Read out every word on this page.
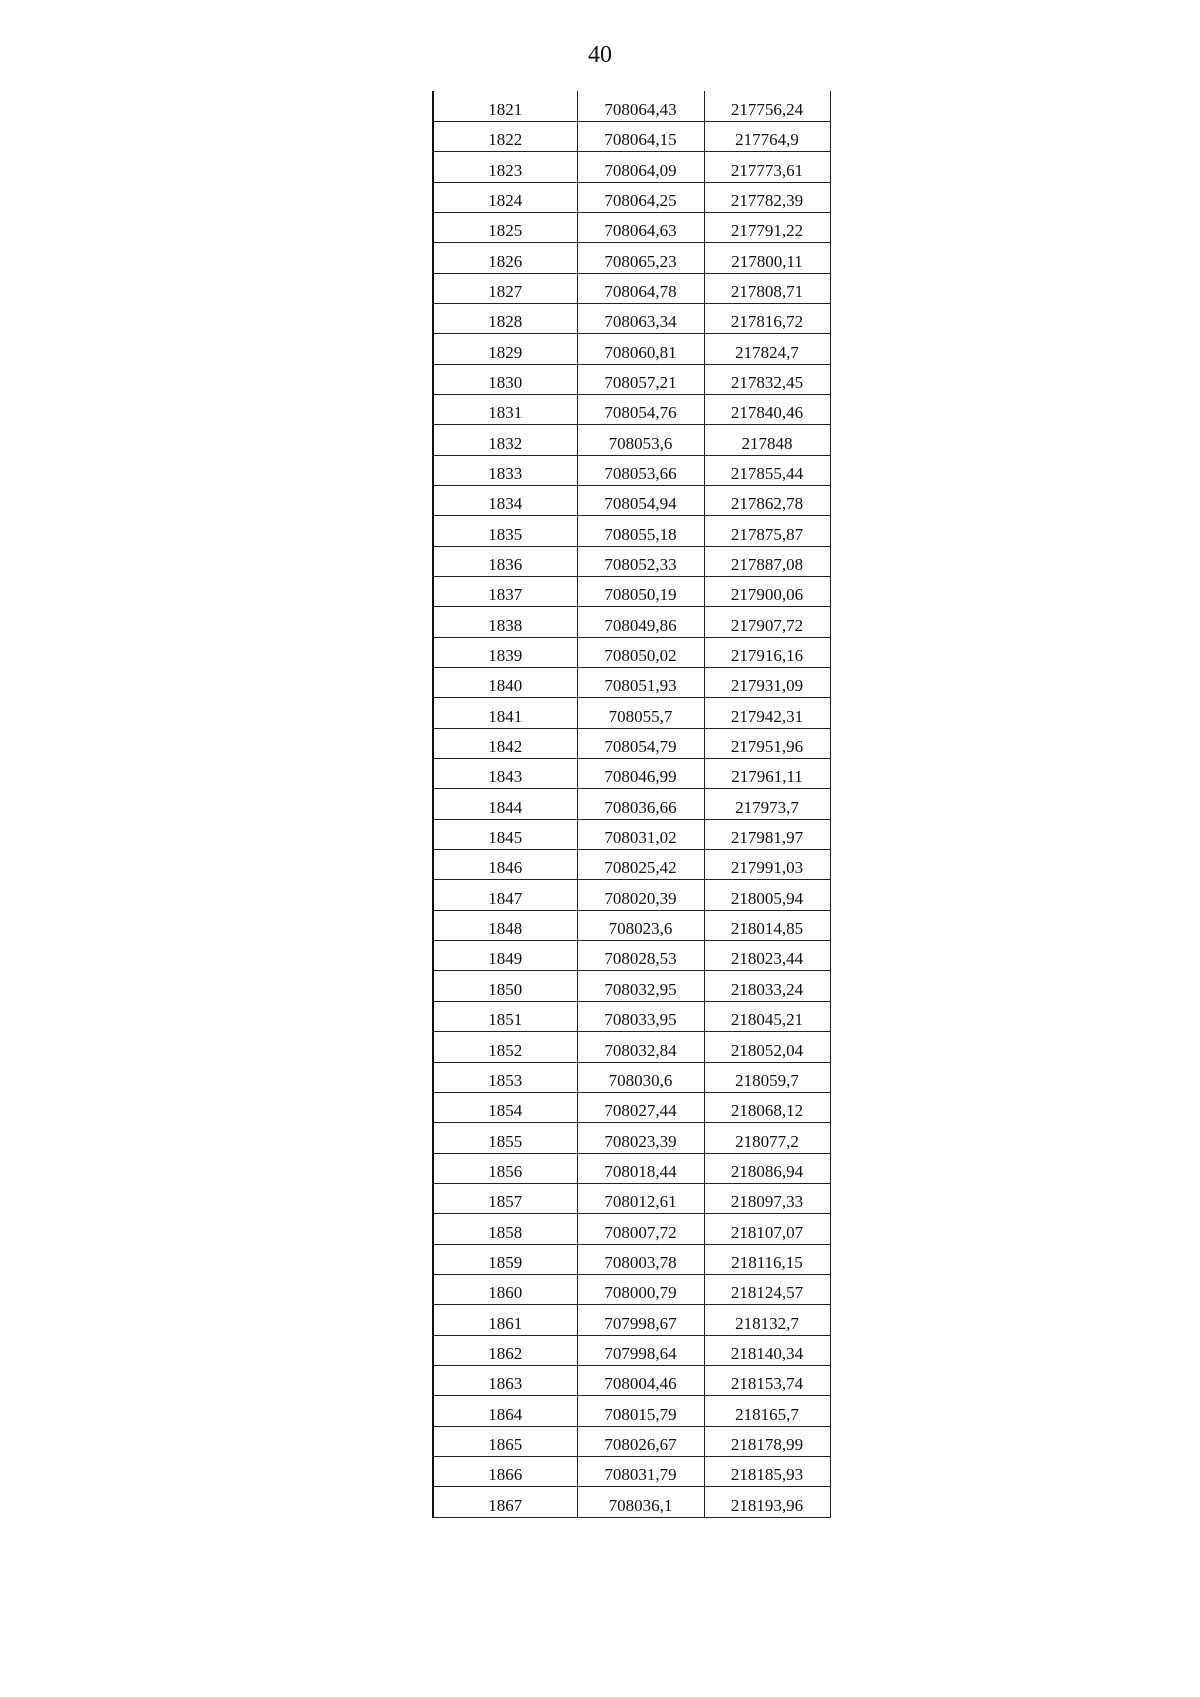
40
1821	708064,43	217756,24
1822	708064,15	217764,9
1823	708064,09	217773,61
1824	708064,25	217782,39
1825	708064,63	217791,22
1826	708065,23	217800,11
1827	708064,78	217808,71
1828	708063,34	217816,72
1829	708060,81	217824,7
1830	708057,21	217832,45
1831	708054,76	217840,46
1832	708053,6	217848
1833	708053,66	217855,44
1834	708054,94	217862,78
1835	708055,18	217875,87
1836	708052,33	217887,08
1837	708050,19	217900,06
1838	708049,86	217907,72
1839	708050,02	217916,16
1840	708051,93	217931,09
1841	708055,7	217942,31
1842	708054,79	217951,96
1843	708046,99	217961,11
1844	708036,66	217973,7
1845	708031,02	217981,97
1846	708025,42	217991,03
1847	708020,39	218005,94
1848	708023,6	218014,85
1849	708028,53	218023,44
1850	708032,95	218033,24
1851	708033,95	218045,21
1852	708032,84	218052,04
1853	708030,6	218059,7
1854	708027,44	218068,12
1855	708023,39	218077,2
1856	708018,44	218086,94
1857	708012,61	218097,33
1858	708007,72	218107,07
1859	708003,78	218116,15
1860	708000,79	218124,57
1861	707998,67	218132,7
1862	707998,64	218140,34
1863	708004,46	218153,74
1864	708015,79	218165,7
1865	708026,67	218178,99
1866	708031,79	218185,93
1867	708036,1	218193,96
